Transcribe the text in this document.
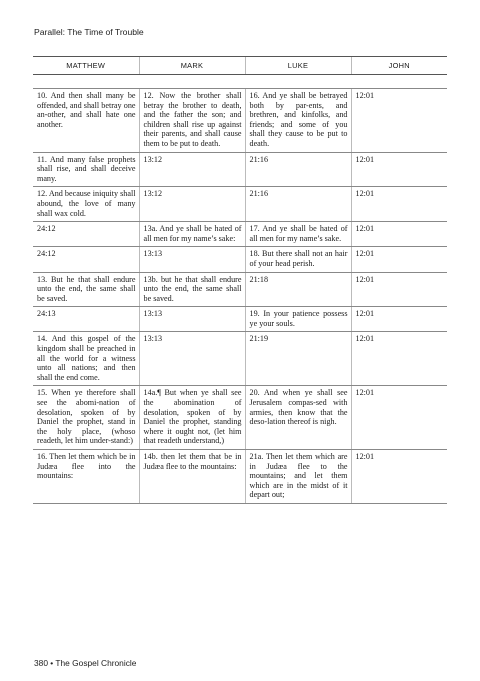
Parallel: The Time of Trouble
MATTHEW	MARK	LUKE	JOHN

10. And then shall many be offended, and shall betray one an-other, and shall hate one another.	12. Now the brother shall betray the brother to death, and the father the son; and children shall rise up against their parents, and shall cause them to be put to death.	16. And ye shall be betrayed both by par-ents, and brethren, and kinfolks, and friends; and some of you shall they cause to be put to death.	12:01
11. And many false prophets shall rise, and shall deceive many.	13:12	21:16	12:01
12. And because iniquity shall abound, the love of many shall wax cold.	13:12	21:16	12:01
24:12	13a. And ye shall be hated of all men for my name’s sake:	17. And ye shall be hated of all men for my name’s sake.	12:01
24:12	13:13	18. But there shall not an hair of your head perish.	12:01
13. But he that shall endure unto the end, the same shall be saved.	13b. but he that shall endure unto the end, the same shall be saved.	21:18	12:01
24:13	13:13	19. In your patience possess ye your souls.	12:01
14. And this gospel of the kingdom shall be preached in all the world for a witness unto all nations; and then shall the end come.	13:13	21:19	12:01
15. When ye therefore shall see the abomi-nation of desolation, spoken of by Daniel the prophet, stand in the holy place, (whoso readeth, let him under-stand:)	14a.¶ But when ye shall see the abomination of desolation, spoken of by Daniel the prophet, standing where it ought not, (let him that readeth understand,)	20. And when ye shall see Jerusalem compas-sed with armies, then know that the deso-lation thereof is nigh.	12:01
16. Then let them which be in Judæa flee into the mountains:	14b. then let them that be in Judæa flee to the mountains:	21a. Then let them which are in Judæa flee to the mountains; and let them which are in the midst of it depart out;	12:01
380 • The Gospel Chronicle
